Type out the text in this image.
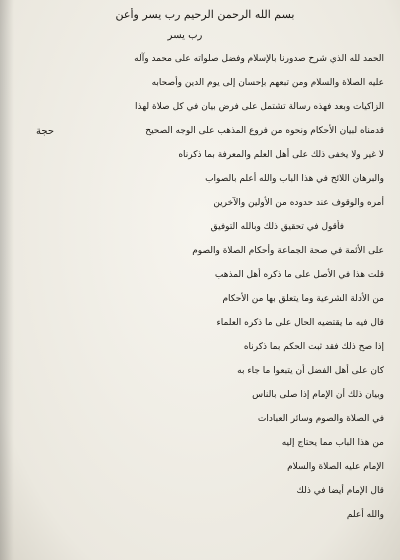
بسم الله الرحمن الرحيم رب يسر وأعن
رب يسر
حجة
الحمد لله الذي شرح صدورنا بالإسلام وفضل صلواته على محمد وآله
عليه الصلاة والسلام ومن تبعهم بإحسان إلى يوم الدين وأصحابه
الزاكيات وبعد فهذه رسالة تشتمل على فرض بيان في كل صلاة لهذا
قدمناه لبيان الأحكام ونحوه من فروع المذهب على الوجه الصحيح
لا غير ولا يخفى ذلك على أهل العلم والمعرفة بما ذكرناه
والبرهان اللائح في هذا الباب والله أعلم بالصواب
أمره والوقوف عند حدوده من الأولين والآخرين
فأقول في تحقيق ذلك وبالله التوفيق
على الأئمة في صحة الجماعة وأحكام الصلاة والصوم
قلت هذا في الأصل على ما ذكره أهل المذهب
من الأدلة الشرعية وما يتعلق بها من الأحكام
قال فيه ما يقتضيه الحال على ما ذكره العلماء
إذا صح ذلك فقد ثبت الحكم بما ذكرناه
كان على أهل الفضل أن يتبعوا ما جاء به
وبيان ذلك أن الإمام إذا صلى بالناس
في الصلاة والصوم وسائر العبادات
من هذا الباب مما يحتاج إليه
الإمام عليه الصلاة والسلام
قال الإمام أيضا في ذلك
والله أعلم
